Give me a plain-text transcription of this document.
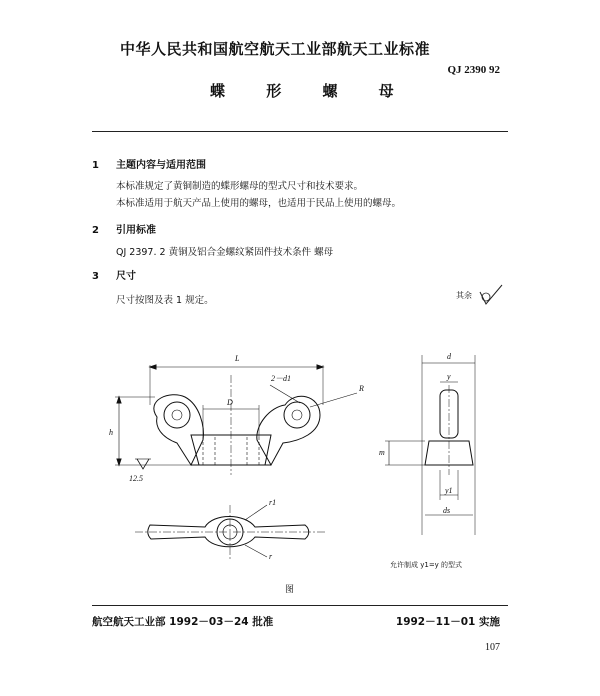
中华人民共和国航空航天工业部航天工业标准
QJ 2390 92
蝶 形 螺 母
1 主题内容与适用范围
本标准规定了黄铜制造的蝶形螺母的型式尺寸和技术要求。
本标准适用于航天产品上使用的螺母，也适用于民品上使用的螺母。
2 引用标准
QJ 2397. 2 黄铜及铝合金螺纹紧固件技术条件 螺母
3 尺寸
尺寸按图及表 1 规定。	其余
L
2－d1
R
D
h
12.5
d
y
m
y1
ds
r1
r
允许制成 y1=y 的型式
图
航空航天工业部 1992－03－24 批准	1992－11－01 实施
107
